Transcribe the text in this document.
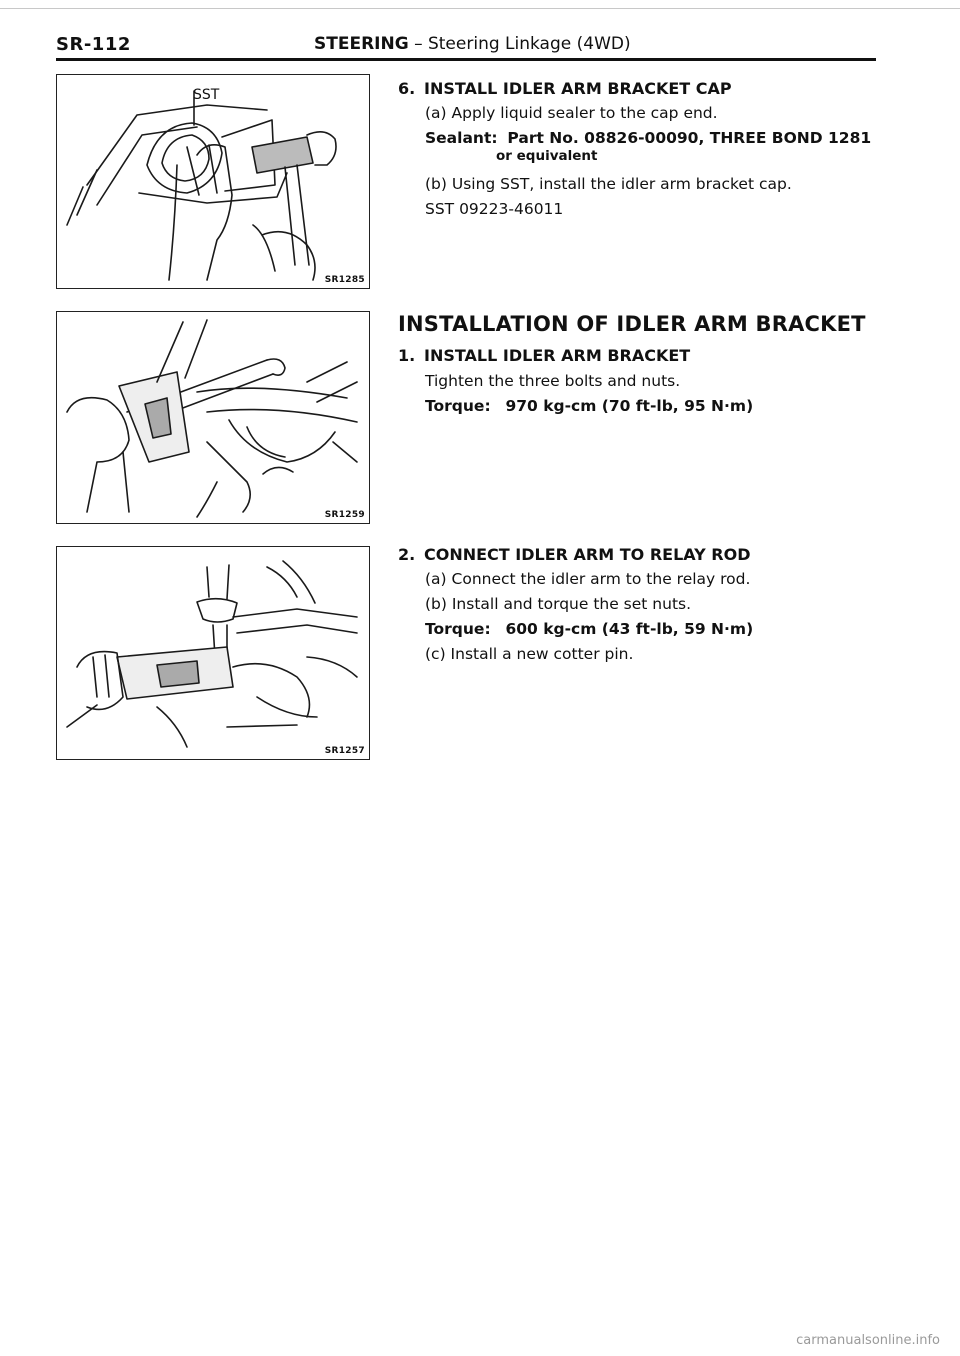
SR-112	STEERING – Steering Linkage (4WD)
SST
SR1285
SR1259
SR1257
6. INSTALL IDLER ARM BRACKET CAP
(a) Apply liquid sealer to the cap end.
Sealant: Part No. 08826-00090, THREE BOND 1281
or equivalent
(b) Using SST, install the idler arm bracket cap.
SST 09223-46011
INSTALLATION OF IDLER ARM BRACKET
1. INSTALL IDLER ARM BRACKET
Tighten the three bolts and nuts.
Torque: 970 kg-cm (70 ft-lb, 95 N·m)
2. CONNECT IDLER ARM TO RELAY ROD
(a) Connect the idler arm to the relay rod.
(b) Install and torque the set nuts.
Torque: 600 kg-cm (43 ft-lb, 59 N·m)
(c) Install a new cotter pin.
carmanualsonline.info
